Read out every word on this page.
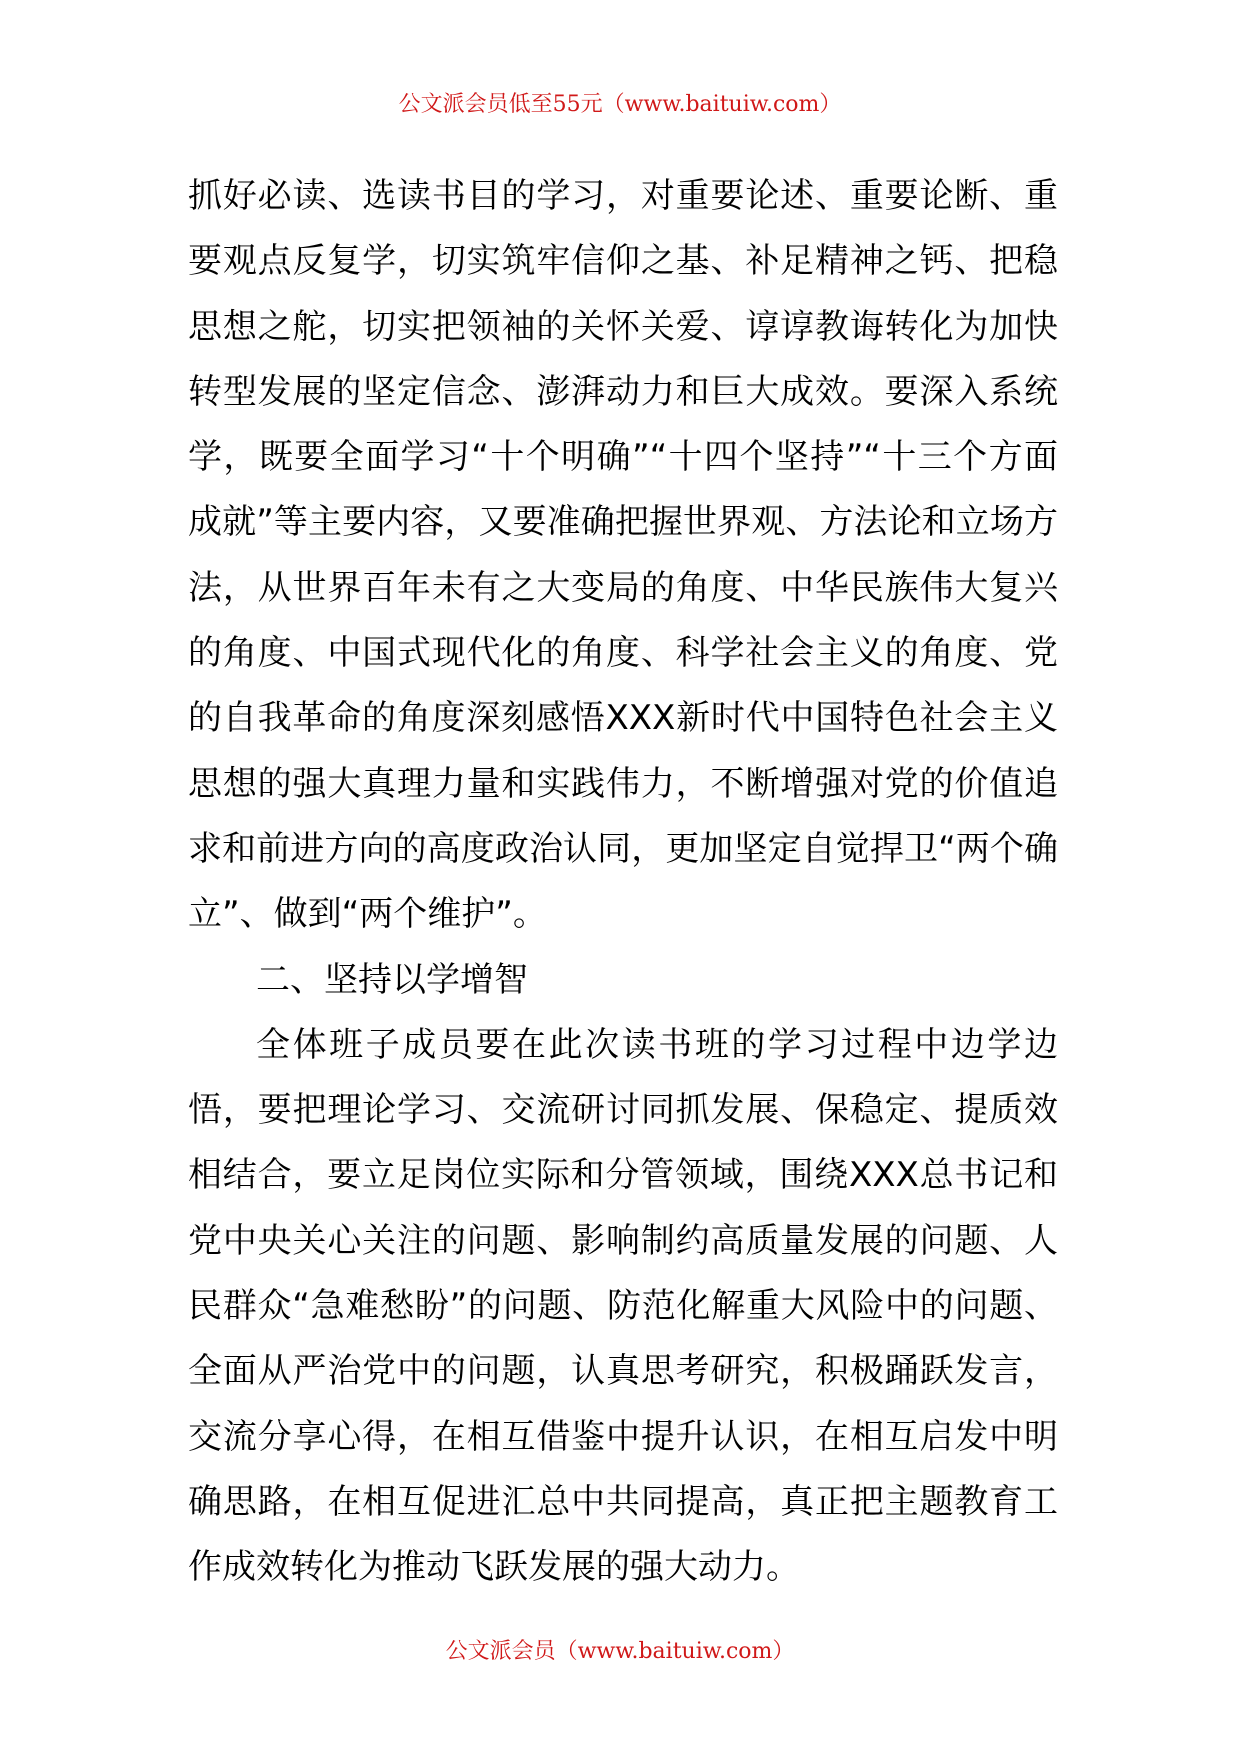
公文派会员低至55元（www.baituiw.com）

抓好必读、选读书目的学习，对重要论述、重要论断、重要观点反复学，切实筑牢信仰之基、补足精神之钙、把稳思想之舵，切实把领袖的关怀关爱、谆谆教诲转化为加快转型发展的坚定信念、澎湃动力和巨大成效。要深入系统学，既要全面学习“十个明确”“十四个坚持”“十三个方面成就”等主要内容，又要准确把握世界观、方法论和立场方法，从世界百年未有之大变局的角度、中华民族伟大复兴的角度、中国式现代化的角度、科学社会主义的角度、党的自我革命的角度深刻感悟XXX新时代中国特色社会主义思想的强大真理力量和实践伟力，不断增强对党的价值追求和前进方向的高度政治认同，更加坚定自觉捍卫“两个确立”、做到“两个维护”。

二、坚持以学增智

全体班子成员要在此次读书班的学习过程中边学边悟，要把理论学习、交流研讨同抓发展、保稳定、提质效相结合，要立足岗位实际和分管领域，围绕XXX总书记和党中央关心关注的问题、影响制约高质量发展的问题、人民群众“急难愁盼”的问题、防范化解重大风险中的问题、全面从严治党中的问题，认真思考研究，积极踊跃发言，交流分享心得，在相互借鉴中提升认识，在相互启发中明确思路，在相互促进汇总中共同提高，真正把主题教育工作成效转化为推动飞跃发展的强大动力。

公文派会员（www.baituiw.com）
